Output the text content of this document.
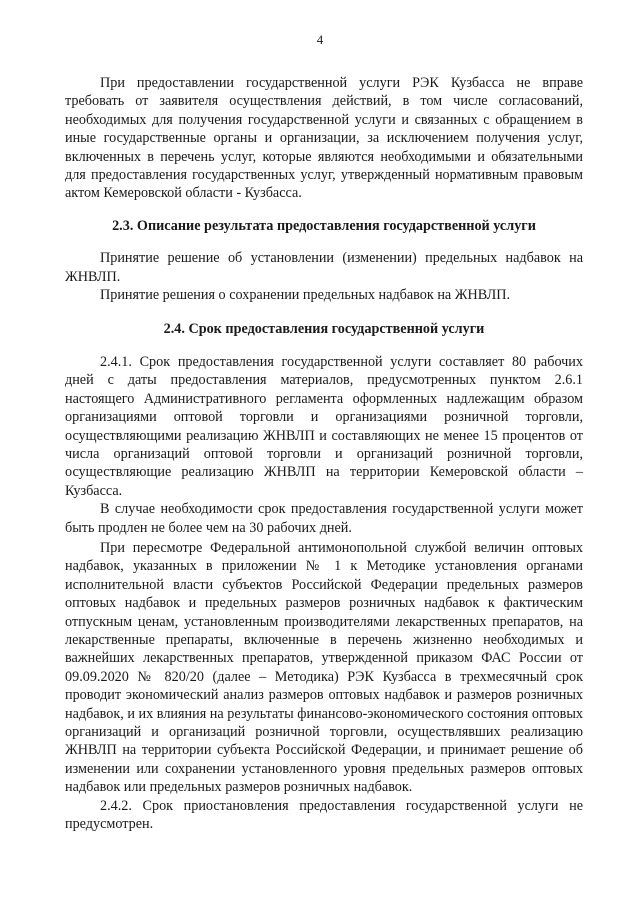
4

При предоставлении государственной услуги РЭК Кузбасса не вправе требовать от заявителя осуществления действий, в том числе согласований, необходимых для получения государственной услуги и связанных с обращением в иные государственные органы и организации, за исключением получения услуг, включенных в перечень услуг, которые являются необходимыми и обязательными для предоставления государственных услуг, утвержденный нормативным правовым актом Кемеровской области - Кузбасса.

2.3. Описание результата предоставления государственной услуги

Принятие решение об установлении (изменении) предельных надбавок на ЖНВЛП.

Принятие решения о сохранении предельных надбавок на ЖНВЛП.

2.4. Срок предоставления государственной услуги

2.4.1. Срок предоставления государственной услуги составляет 80 рабочих дней с даты предоставления материалов, предусмотренных пунктом 2.6.1 настоящего Административного регламента оформленных надлежащим образом организациями оптовой торговли и организациями розничной торговли, осуществляющими реализацию ЖНВЛП и составляющих не менее 15 процентов от числа организаций оптовой торговли и организаций розничной торговли, осуществляющие реализацию ЖНВЛП на территории Кемеровской области – Кузбасса.

В случае необходимости срок предоставления государственной услуги может быть продлен не более чем на 30 рабочих дней.

При пересмотре Федеральной антимонопольной службой величин оптовых надбавок, указанных в приложении № 1 к Методике установления органами исполнительной власти субъектов Российской Федерации предельных размеров оптовых надбавок и предельных размеров розничных надбавок к фактическим отпускным ценам, установленным производителями лекарственных препаратов, на лекарственные препараты, включенные в перечень жизненно необходимых и важнейших лекарственных препаратов, утвержденной приказом ФАС России от 09.09.2020 № 820/20 (далее – Методика) РЭК Кузбасса в трехмесячный срок проводит экономический анализ размеров оптовых надбавок и размеров розничных надбавок, и их влияния на результаты финансово-экономического состояния оптовых организаций и организаций розничной торговли, осуществлявших реализацию ЖНВЛП на территории субъекта Российской Федерации, и принимает решение об изменении или сохранении установленного уровня предельных размеров оптовых надбавок или предельных размеров розничных надбавок.

2.4.2. Срок приостановления предоставления государственной услуги не предусмотрен.
